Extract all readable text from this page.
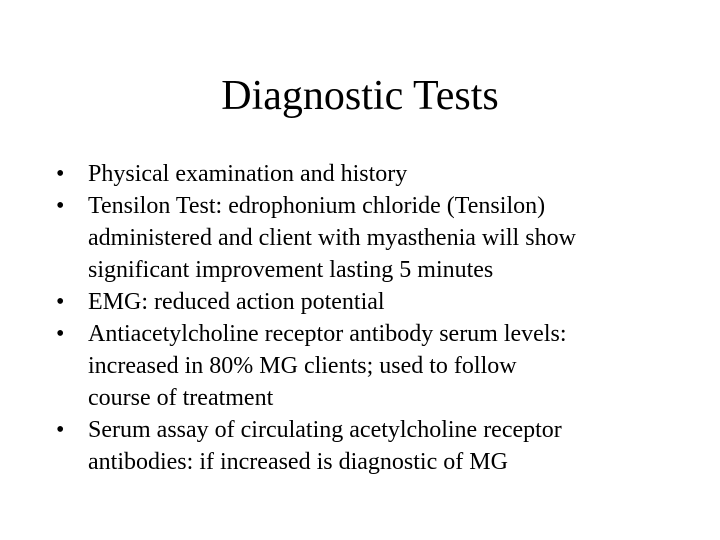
Diagnostic Tests
• Physical examination and history
• Tensilon Test: edrophonium chloride (Tensilon)
administered and client with myasthenia will show
significant improvement lasting 5 minutes
• EMG: reduced action potential
• Antiacetylcholine receptor antibody serum levels:
increased in 80% MG clients; used to follow
course of treatment
• Serum assay of circulating acetylcholine receptor
antibodies: if increased is diagnostic of MG
